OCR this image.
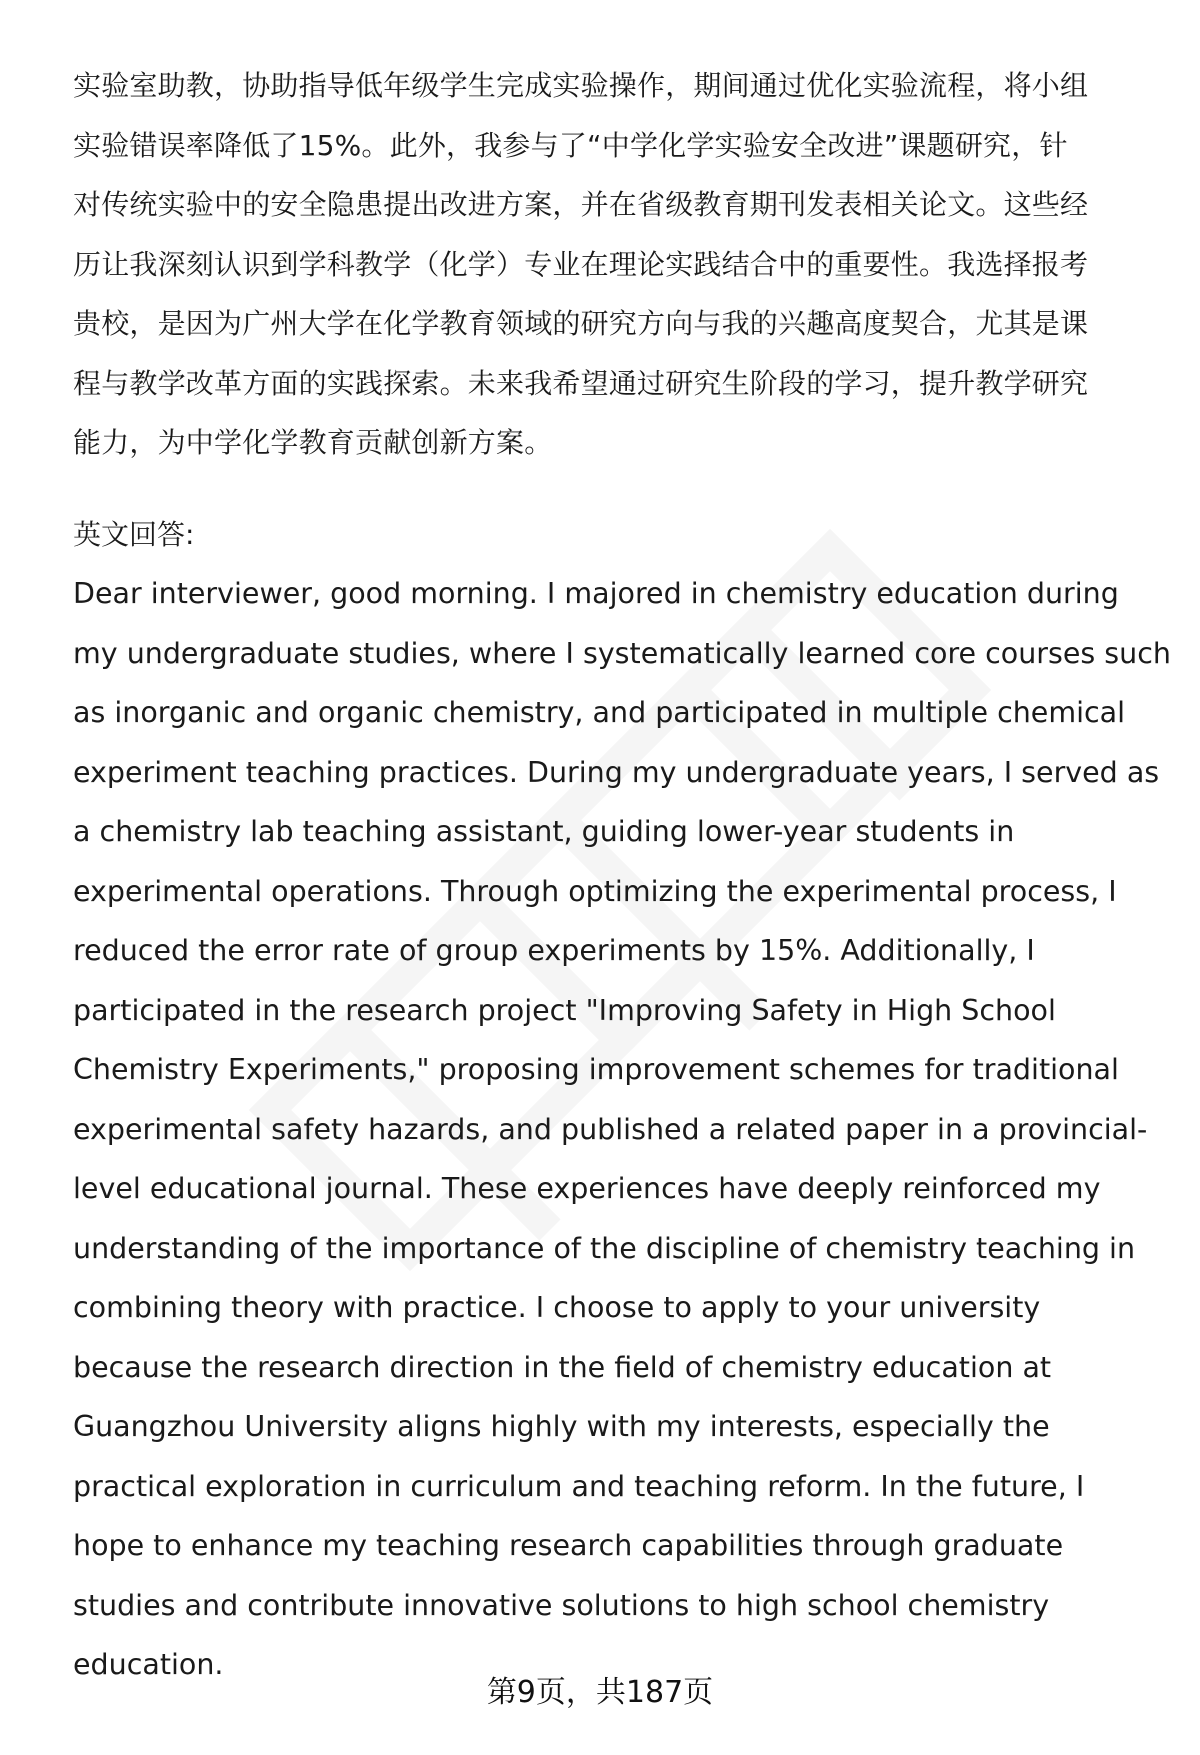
实验室助教，协助指导低年级学生完成实验操作，期间通过优化实验流程，将小组
实验错误率降低了15%。此外，我参与了“中学化学实验安全改进”课题研究，针
对传统实验中的安全隐患提出改进方案，并在省级教育期刊发表相关论文。这些经
历让我深刻认识到学科教学（化学）专业在理论实践结合中的重要性。我选择报考
贵校，是因为广州大学在化学教育领域的研究方向与我的兴趣高度契合，尤其是课
程与教学改革方面的实践探索。未来我希望通过研究生阶段的学习，提升教学研究
能力，为中学化学教育贡献创新方案。

英文回答:

Dear interviewer, good morning. I majored in chemistry education during
my undergraduate studies, where I systematically learned core courses such
as inorganic and organic chemistry, and participated in multiple chemical
experiment teaching practices. During my undergraduate years, I served as
a chemistry lab teaching assistant, guiding lower-year students in
experimental operations. Through optimizing the experimental process, I
reduced the error rate of group experiments by 15%. Additionally, I
participated in the research project "Improving Safety in High School
Chemistry Experiments," proposing improvement schemes for traditional
experimental safety hazards, and published a related paper in a provincial-
level educational journal. These experiences have deeply reinforced my
understanding of the importance of the discipline of chemistry teaching in
combining theory with practice. I choose to apply to your university
because the research direction in the field of chemistry education at
Guangzhou University aligns highly with my interests, especially the
practical exploration in curriculum and teaching reform. In the future, I
hope to enhance my teaching research capabilities through graduate
studies and contribute innovative solutions to high school chemistry
education.

第9页，共187页
